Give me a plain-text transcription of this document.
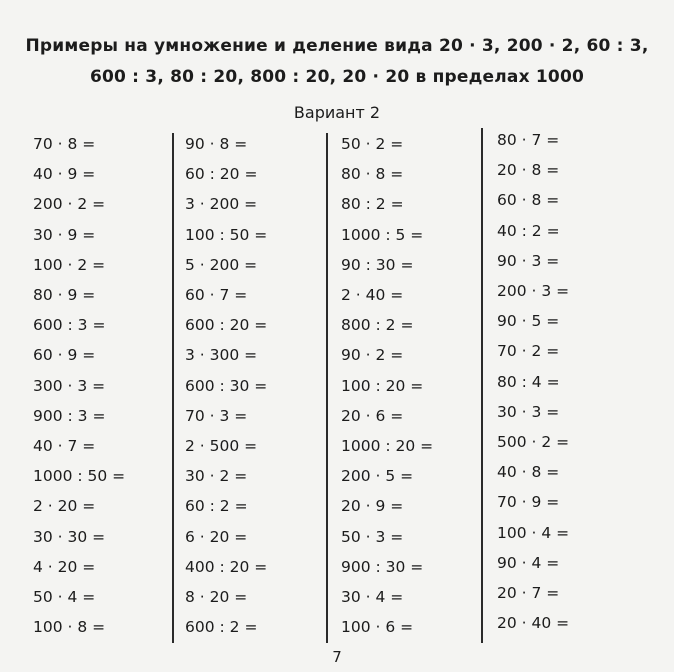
Примеры на умножение и деление вида 20 · 3, 200 · 2, 60 : 3,
600 : 3, 80 : 20, 800 : 20, 20 · 20 в пределах 1000
Вариант 2
70 · 8 =
40 · 9 =
200 · 2 =
30 · 9 =
100 · 2 =
80 · 9 =
600 : 3 =
60 · 9 =
300 · 3 =
900 : 3 =
40 · 7 =
1000 : 50 =
2 · 20 =
30 · 30 =
4 · 20 =
50 · 4 =
100 · 8 =
90 · 8 =
60 : 20 =
3 · 200 =
100 : 50 =
5 · 200 =
60 · 7 =
600 : 20 =
3 · 300 =
600 : 30 =
70 · 3 =
2 · 500 =
30 · 2 =
60 : 2 =
6 · 20 =
400 : 20 =
8 · 20 =
600 : 2 =
50 · 2 =
80 · 8 =
80 : 2 =
1000 : 5 =
90 : 30 =
2 · 40 =
800 : 2 =
90 · 2 =
100 : 20 =
20 · 6 =
1000 : 20 =
200 · 5 =
20 · 9 =
50 · 3 =
900 : 30 =
30 · 4 =
100 · 6 =
80 · 7 =
20 · 8 =
60 · 8 =
40 : 2 =
90 · 3 =
200 · 3 =
90 · 5 =
70 · 2 =
80 : 4 =
30 · 3 =
500 · 2 =
40 · 8 =
70 · 9 =
100 · 4 =
90 · 4 =
20 · 7 =
20 · 40 =
7
